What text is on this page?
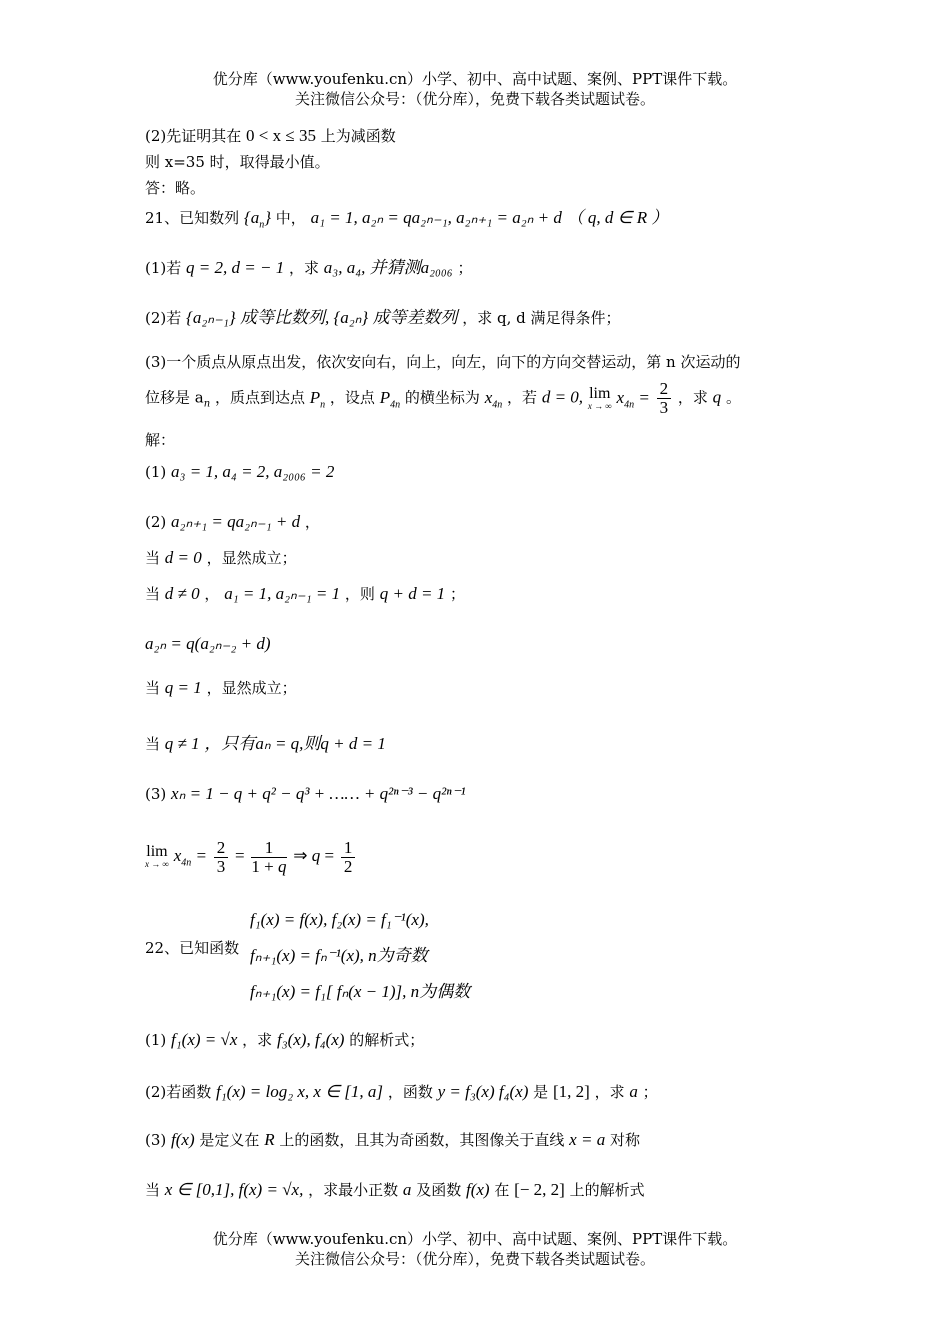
优分库（www.youfenku.cn）小学、初中、高中试题、案例、PPT课件下载。
关注微信公众号：（优分库），免费下载各类试题试卷。
(2)先证明其在 0 < x ≤ 35 上为减函数
则 x=35 时，取得最小值。
答：略。
21、已知数列 $\{a_n\}$ 中， a₁ = 1, a₂ₙ = qa₂ₙ₋₁, a₂ₙ₊₁ = a₂ₙ + d （ q, d ∈ R ）
(1)若 q = 2, d = − 1 ，求 a₃, a₄, 并猜测a₂₀₀₆ ；
(2)若 {a₂ₙ₋₁} 成等比数列, {a₂ₙ} 成等差数列 ，求 q, d 满足得条件；
(3)一个质点从原点出发，依次安向右，向上，向左，向下的方向交替运动，第 n 次运动的
位移是 $a_n$ ，质点到达点 $P_n$ ，设点 $P_{4n}$ 的横坐标为 $x_{4n}$ ，若 d = 0, lim
x → ∞ $x_{4n} = \frac{2}{3}$ ，求 q 。
解：
(1) a₃ = 1, a₄ = 2, a₂₀₀₆ = 2
(2) a₂ₙ₊₁ = qa₂ₙ₋₁ + d ，
当 d = 0 ，显然成立；
当 d ≠ 0 ， a₁ = 1, a₂ₙ₋₁ = 1 ，则 q + d = 1 ；
a₂ₙ = q(a₂ₙ₋₂ + d)
当 q = 1 ，显然成立；
当 q ≠ 1 ，只有aₙ = q,则q + d = 1
(3) xₙ = 1 − q + q² − q³ + …… + q²ⁿ⁻³ − q²ⁿ⁻¹
lim
x → ∞ $x_{4n} = \frac{2}{3} = \frac{1}{1 + q}$ ⇒ $q = \frac{1}{2}$
22、已知函数
f₁(x) = f(x), f₂(x) = f₁⁻¹(x),
fₙ₊₁(x) = fₙ⁻¹(x), n为奇数
fₙ₊₁(x) = f₁[ fₙ(x − 1)], n为偶数
(1) f₁(x) = √x ，求 f₃(x), f₄(x) 的解析式；
(2)若函数 f₁(x) = log₂ x, x ∈ [1, a] ，函数 y = f₃(x) f₄(x) 是 [1, 2] ，求 a ；
(3) f(x) 是定义在 R 上的函数，且其为奇函数，其图像关于直线 x = a 对称
当 x ∈ [0,1], f(x) = √x, ，求最小正数 a 及函数 f(x) 在 [− 2, 2] 上的解析式
优分库（www.youfenku.cn）小学、初中、高中试题、案例、PPT课件下载。
关注微信公众号：（优分库），免费下载各类试题试卷。
